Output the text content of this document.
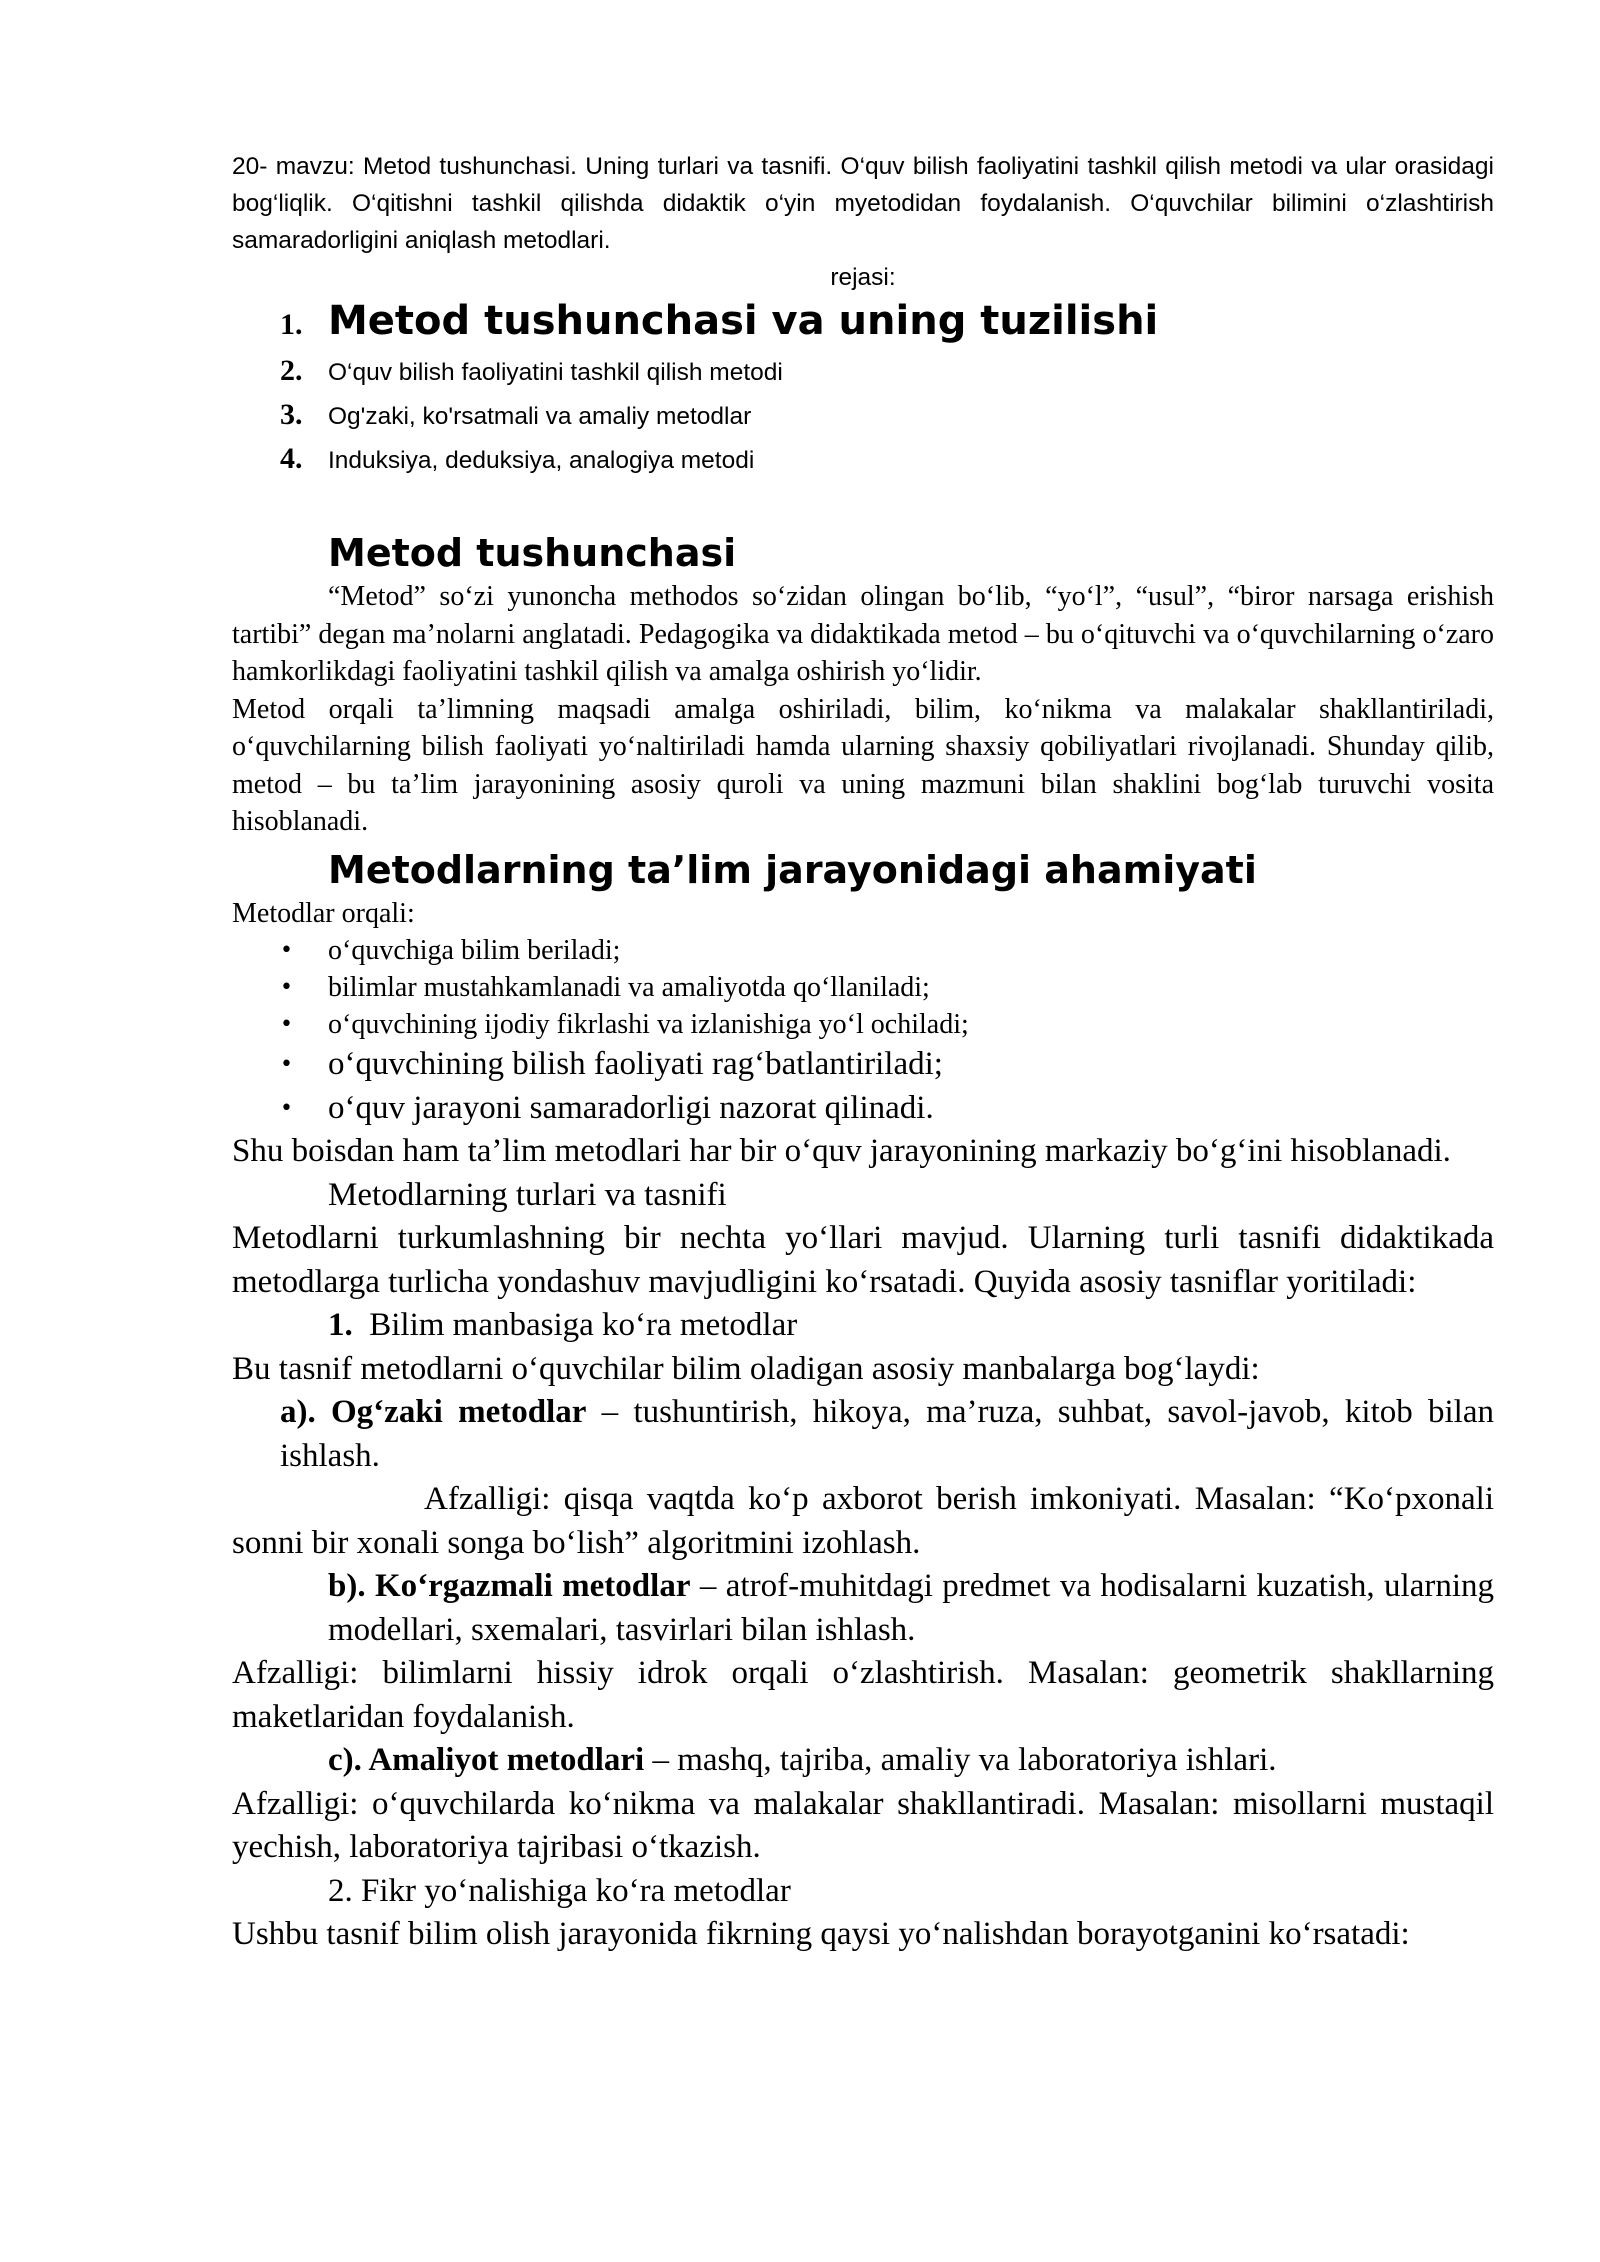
20- mavzu: Metod tushunchasi. Uning turlari va tasnifi. O‘quv bilish faoliyatini tashkil qilish metodi va ular orasidagi bog‘liqlik. O‘qitishni tashkil qilishda didaktik o‘yin myetodidan foydalanish. O‘quvchilar bilimini o‘zlashtirish samaradorligini aniqlash metodlari.

rejasi:
1. Metod tushunchasi va uning tuzilishi
2.	O‘quv bilish faoliyatini tashkil qilish metodi
3.	Og'zaki, ko'rsatmali va amaliy metodlar
4.	Induksiya, deduksiya, analogiya metodi
Metod tushunchasi

“Metod” so‘zi yunoncha methodos so‘zidan olingan bo‘lib, “yo‘l”, “usul”, “biror narsaga erishish tartibi” degan ma’nolarni anglatadi. Pedagogika va didaktikada metod – bu o‘qituvchi va o‘quvchilarning o‘zaro hamkorlikdagi faoliyatini tashkil qilish va amalga oshirish yo‘lidir.

Metod orqali ta’limning maqsadi amalga oshiriladi, bilim, ko‘nikma va malakalar shakllantiriladi, o‘quvchilarning bilish faoliyati yo‘naltiriladi hamda ularning shaxsiy qobiliyatlari rivojlanadi. Shunday qilib, metod – bu ta’lim jarayonining asosiy quroli va uning mazmuni bilan shaklini bog‘lab turuvchi vosita hisoblanadi.

Metodlarning ta’lim jarayonidagi ahamiyati

Metodlar orqali:

• o‘quvchiga bilim beriladi;
• bilimlar mustahkamlanadi va amaliyotda qo‘llaniladi;
• o‘quvchining ijodiy fikrlashi va izlanishiga yo‘l ochiladi;
• o‘quvchining bilish faoliyati rag‘batlantiriladi;
• o‘quv jarayoni samaradorligi nazorat qilinadi.

Shu boisdan ham ta’lim metodlari har bir o‘quv jarayonining markaziy bo‘g‘ini hisoblanadi.

Metodlarning turlari va tasnifi

Metodlarni turkumlashning bir nechta yo‘llari mavjud. Ularning turli tasnifi didaktikada metodlarga turlicha yondashuv mavjudligini ko‘rsatadi. Quyida asosiy tasniflar yoritiladi:

1. Bilim manbasiga ko‘ra metodlar

Bu tasnif metodlarni o‘quvchilar bilim oladigan asosiy manbalarga bog‘laydi:

a). Og‘zaki metodlar – tushuntirish, hikoya, ma’ruza, suhbat, savol-javob, kitob bilan ishlash.

Afzalligi: qisqa vaqtda ko‘p axborot berish imkoniyati. Masalan: “Ko‘pxonali sonni bir xonali songa bo‘lish” algoritmini izohlash.

b). Ko‘rgazmali metodlar – atrof-muhitdagi predmet va hodisalarni kuzatish, ularning modellari, sxemalari, tasvirlari bilan ishlash.

Afzalligi: bilimlarni hissiy idrok orqali o‘zlashtirish. Masalan: geometrik shakllarning maketlaridan foydalanish.

c). Amaliyot metodlari – mashq, tajriba, amaliy va laboratoriya ishlari.

Afzalligi: o‘quvchilarda ko‘nikma va malakalar shakllantiradi. Masalan: misollarni mustaqil yechish, laboratoriya tajribasi o‘tkazish.

2. Fikr yo‘nalishiga ko‘ra metodlar

Ushbu tasnif bilim olish jarayonida fikrning qaysi yo‘nalishdan borayotganini ko‘rsatadi:
